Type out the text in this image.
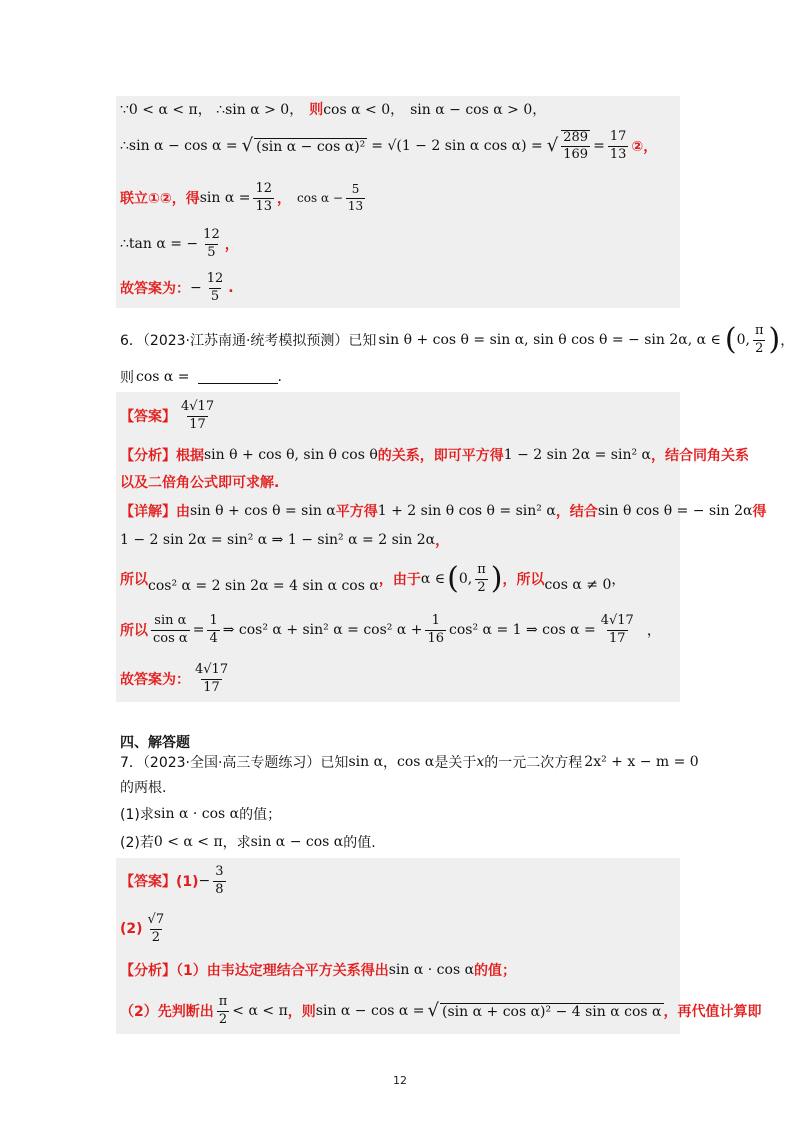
∵0 < α < π， ∴sin α > 0， 则 cos α < 0， sin α − cos α > 0，
∴sin α − cos α = √ (sin α − cos α)² = √(1 − 2 sin α cos α) = √ $\frac{289}{169} = \frac{17}{13}$ ②，
联立①②，得 $\sin \alpha = \frac{12}{13}$ ， $\cos \alpha - \frac{5}{13}$
∴tan α = − $\frac{12}{5}$ ，
故答案为： − $\frac{12}{5}$ .
6．（2023·江苏南通·统考模拟预测）已知 sin θ + cos θ = sin α, sin θ cos θ = − sin 2α, α ∈ ( 0, $\frac{\pi}{2}$ ) ，
则 cos α =	.
【答案】 $\frac{4√17}{17}$
【分析】根据 sin θ + cos θ, sin θ cos θ 的关系，即可平方得 1 − 2 sin 2α = sin² α ，结合同角关系
以及二倍角公式即可求解.
【详解】由 sin θ + cos θ = sin α 平方得 1 + 2 sin θ cos θ = sin² α ，结合 sin θ cos θ = − sin 2α 得
1 − 2 sin 2α = sin² α ⇒ 1 − sin² α = 2 sin 2α ，
所以 cos² α = 2 sin 2α = 4 sin α cos α ，由于 α ∈ ( 0, $\frac{\pi}{2}$ ) ，所以 cos α ≠ 0 ，
所以 $\frac{\text{sin α}}{\text{cos α}} = \frac{1}{4}$ ⇒ cos² α + sin² α = cos² $\alpha + \frac{1}{16} \cos^2$ α = 1 ⇒ $\cos \alpha = \frac{4√17}{17}$ ，
故答案为： $\frac{4√17}{17}$
四、解答题
7．（2023·全国·高三专题练习）已知 sin α ， cos α 是关于 x 的一元二次方程 2x² + x − m = 0
的两根.
(1)求 sin α · cos α 的值；
(2)若 0 < α < π ，求 sin α − cos α 的值.
【答案】$(1) - \frac{3}{8}$
$(2) \frac{√7}{2}$
【分析】（1）由韦达定理结合平方关系得出 sin α · cos α 的值；
（2）先判断出 $\frac{\pi}{2} < \alpha < \pi$ ，则 sin α − cos α = √ (sin α + cos α)² − 4 sin α cos α ，再代值计算即
12
